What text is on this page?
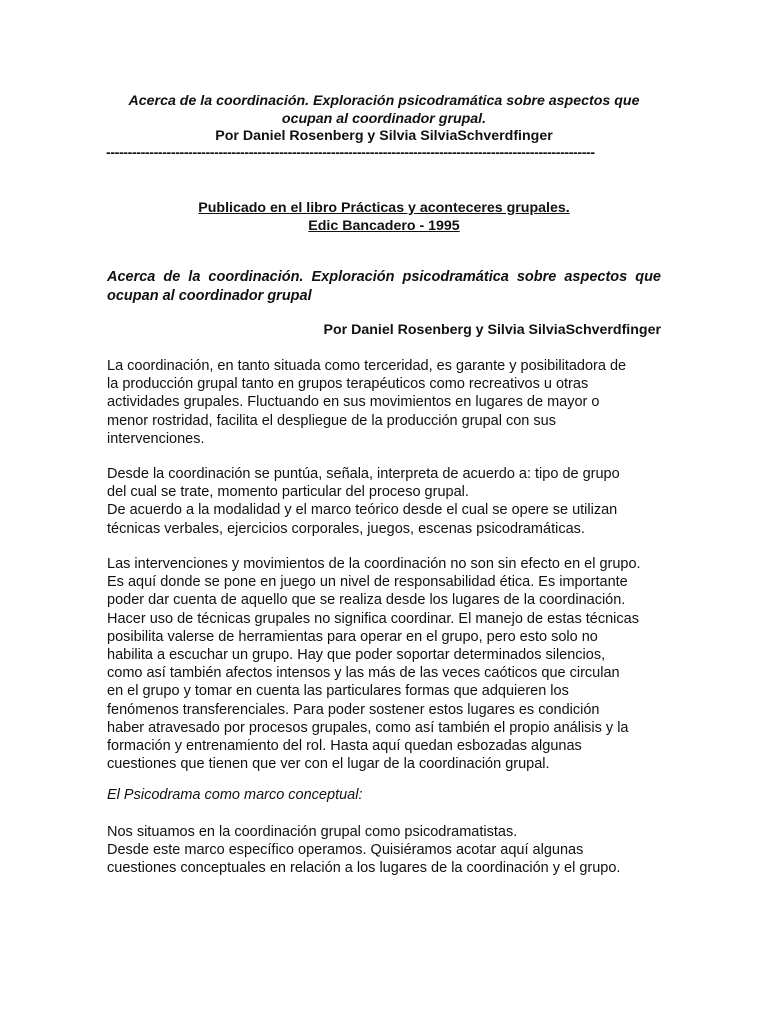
Acerca de la coordinación. Exploración psicodramática sobre aspectos que
ocupan al coordinador grupal.
Por Daniel Rosenberg y Silvia SilviaSchverdfinger
-----------------------------------------------------------------------------------------------------------------
Publicado en el libro Prácticas y aconteceres grupales.
Edic Bancadero - 1995
Acerca de la coordinación. Exploración psicodramática sobre aspectos que ocupan al coordinador grupal
Por Daniel Rosenberg y Silvia SilviaSchverdfinger
La coordinación, en tanto situada como terceridad, es garante y posibilitadora de
la producción grupal tanto en grupos terapéuticos como recreativos u otras
actividades grupales. Fluctuando en sus movimientos en lugares de mayor o
menor rostridad, facilita el despliegue de la producción grupal con sus
intervenciones.
Desde la coordinación se puntúa, señala, interpreta de acuerdo a: tipo de grupo
del cual se trate, momento particular del proceso grupal.
De acuerdo a la modalidad y el marco teórico desde el cual se opere se utilizan
técnicas verbales, ejercicios corporales, juegos, escenas psicodramáticas.
Las intervenciones y movimientos de la coordinación no son sin efecto en el grupo.
Es aquí donde se pone en juego un nivel de responsabilidad ética. Es importante
poder dar cuenta de aquello que se realiza desde los lugares de la coordinación.
Hacer uso de técnicas grupales no significa coordinar. El manejo de estas técnicas
posibilita valerse de herramientas para operar en el grupo, pero esto solo no
habilita a escuchar un grupo. Hay que poder soportar determinados silencios,
como así también afectos intensos y las más de las veces caóticos que circulan
en el grupo y tomar en cuenta las particulares formas que adquieren los
fenómenos transferenciales. Para poder sostener estos lugares es condición
haber atravesado por procesos grupales, como así también el propio análisis y la
formación y entrenamiento del rol. Hasta aquí quedan esbozadas algunas
cuestiones que tienen que ver con el lugar de la coordinación grupal.
El Psicodrama como marco conceptual:
Nos situamos en la coordinación grupal como psicodramatistas.
Desde este marco específico operamos. Quisiéramos acotar aquí algunas
cuestiones conceptuales en relación a los lugares de la coordinación y el grupo.
